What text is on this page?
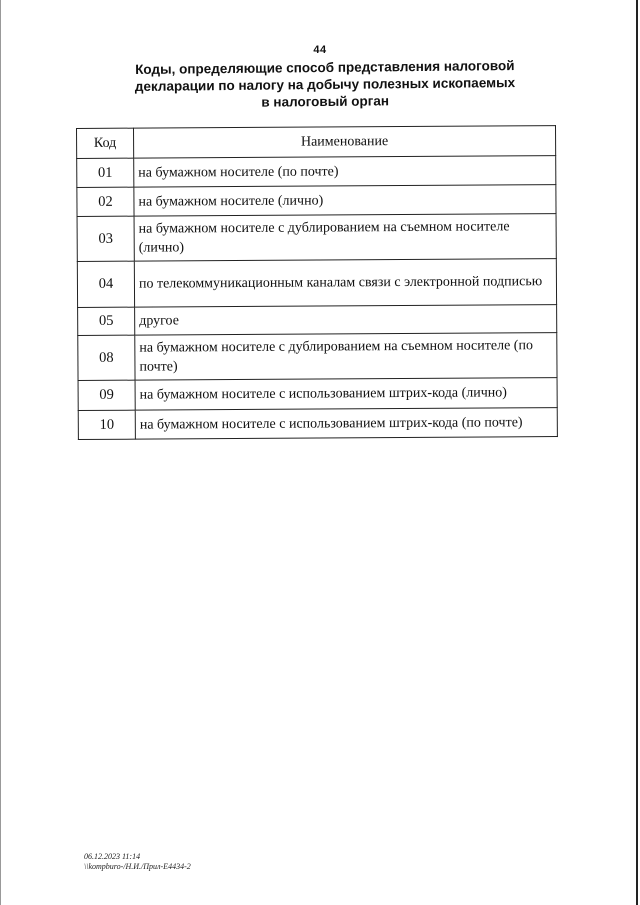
44
Коды, определяющие способ представления налоговой
декларации по налогу на добычу полезных ископаемых
в налоговый орган
Код	Наименование
01	на бумажном носителе (по почте)
02	на бумажном носителе (лично)
03	на бумажном носителе с дублированием на съемном носителе (лично)
04	по телекоммуникационным каналам связи с электронной подписью
05	другое
08	на бумажном носителе с дублированием на съемном носителе (по почте)
09	на бумажном носителе с использованием штрих-кода (лично)
10	на бумажном носителе с использованием штрих-кода (по почте)
06.12.2023 11:14
\\kompburo-/Н.И./Прил-Е4434-2
